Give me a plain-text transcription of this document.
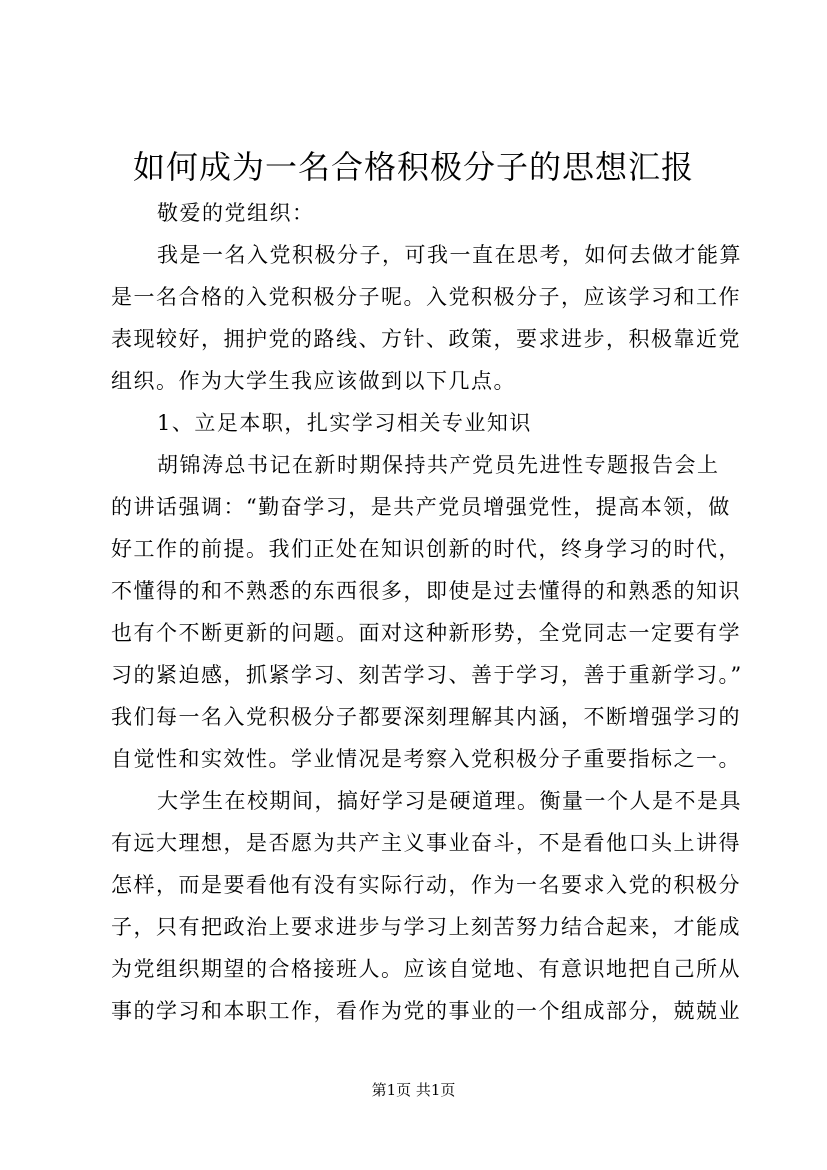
如何成为一名合格积极分子的思想汇报
敬爱的党组织：
我是一名入党积极分子，可我一直在思考，如何去做才能算
是一名合格的入党积极分子呢。入党积极分子，应该学习和工作
表现较好，拥护党的路线、方针、政策，要求进步，积极靠近党
组织。作为大学生我应该做到以下几点。
1、立足本职，扎实学习相关专业知识
胡锦涛总书记在新时期保持共产党员先进性专题报告会上
的讲话强调：“勤奋学习，是共产党员增强党性，提高本领，做
好工作的前提。我们正处在知识创新的时代，终身学习的时代，
不懂得的和不熟悉的东西很多，即使是过去懂得的和熟悉的知识
也有个不断更新的问题。面对这种新形势，全党同志一定要有学
习的紧迫感，抓紧学习、刻苦学习、善于学习，善于重新学习。”
我们每一名入党积极分子都要深刻理解其内涵，不断增强学习的
自觉性和实效性。学业情况是考察入党积极分子重要指标之一。
大学生在校期间，搞好学习是硬道理。衡量一个人是不是具
有远大理想，是否愿为共产主义事业奋斗，不是看他口头上讲得
怎样，而是要看他有没有实际行动，作为一名要求入党的积极分
子，只有把政治上要求进步与学习上刻苦努力结合起来，才能成
为党组织期望的合格接班人。应该自觉地、有意识地把自己所从
事的学习和本职工作，看作为党的事业的一个组成部分，兢兢业
第1页 共1页
